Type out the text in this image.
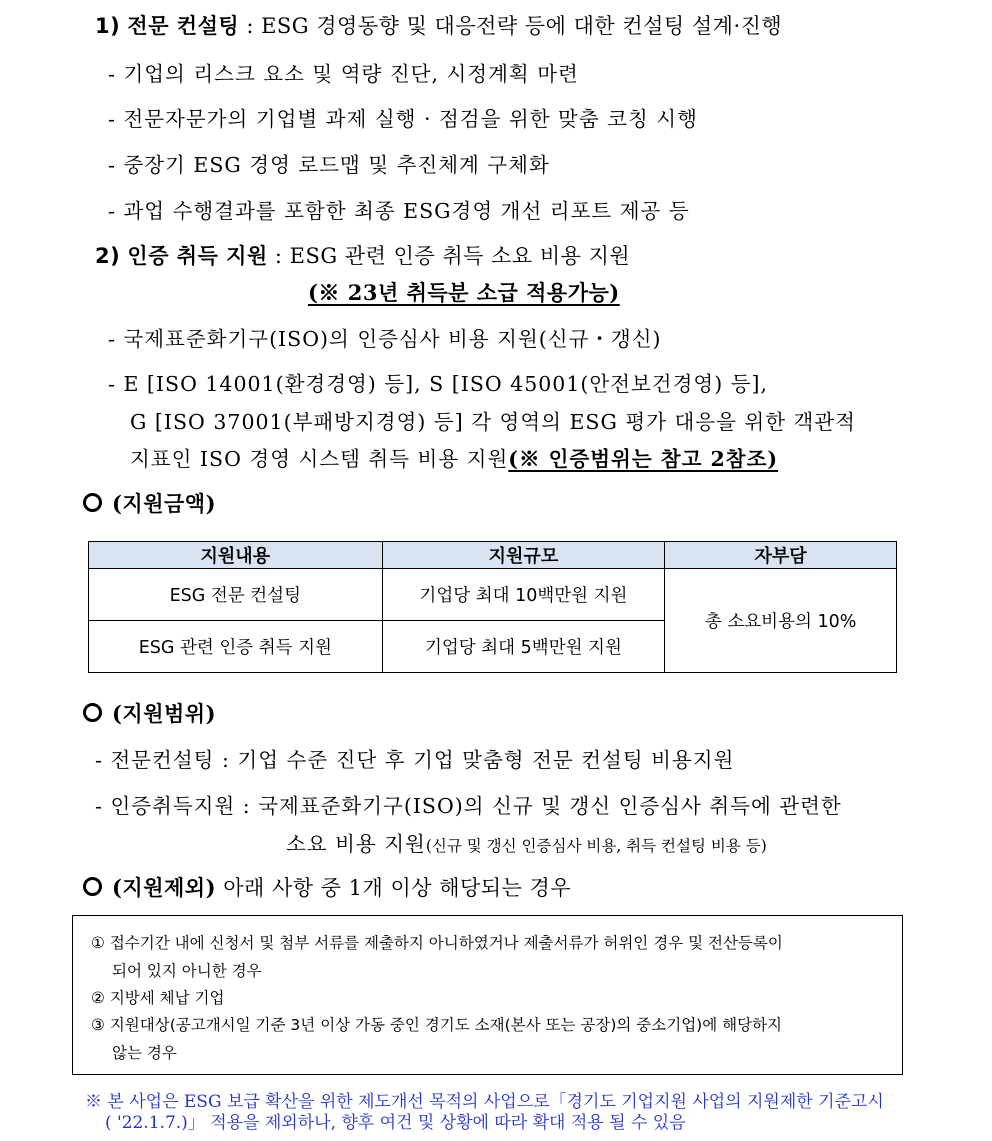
1) 전문 컨설팅 : ESG 경영동향 및 대응전략 등에 대한 컨설팅 설계·진행
- 기업의 리스크 요소 및 역량 진단, 시정계획 마련
- 전문자문가의 기업별 과제 실행 · 점검을 위한 맞춤 코칭 시행
- 중장기 ESG 경영 로드맵 및 추진체계 구체화
- 과업 수행결과를 포함한 최종 ESG경영 개선 리포트 제공 등
2) 인증 취득 지원 : ESG 관련 인증 취득 소요 비용 지원
(※ 23년 취득분 소급 적용가능)
- 국제표준화기구(ISO)의 인증심사 비용 지원(신규・갱신)
- E [ISO 14001(환경경영) 등], S [ISO 45001(안전보건경영) 등],
G [ISO 37001(부패방지경영) 등] 각 영역의 ESG 평가 대응을 위한 객관적
지표인 ISO 경영 시스템 취득 비용 지원(※ 인증범위는 참고 2참조)
(지원금액)
지원내용	지원규모	자부담
ESG 전문 컨설팅	기업당 최대 10백만원 지원	총 소요비용의 10%
ESG 관련 인증 취득 지원	기업당 최대 5백만원 지원	
(지원범위)
- 전문컨설팅 : 기업 수준 진단 후 기업 맞춤형 전문 컨설팅 비용지원
- 인증취득지원 : 국제표준화기구(ISO)의 신규 및 갱신 인증심사 취득에 관련한
소요 비용 지원(신규 및 갱신 인증심사 비용, 취득 컨설팅 비용 등)
(지원제외) 아래 사항 중 1개 이상 해당되는 경우
① 접수기간 내에 신청서 및 첨부 서류를 제출하지 아니하였거나 제출서류가 허위인 경우 및 전산등록이
되어 있지 아니한 경우
② 지방세 체납 기업
③ 지원대상(공고개시일 기준 3년 이상 가동 중인 경기도 소재(본사 또는 공장)의 중소기업)에 해당하지
않는 경우
※ 본 사업은 ESG 보급 확산을 위한 제도개선 목적의 사업으로「경기도 기업지원 사업의 지원제한 기준고시
( '22.1.7.)」 적용을 제외하나, 향후 여건 및 상황에 따라 확대 적용 될 수 있음
